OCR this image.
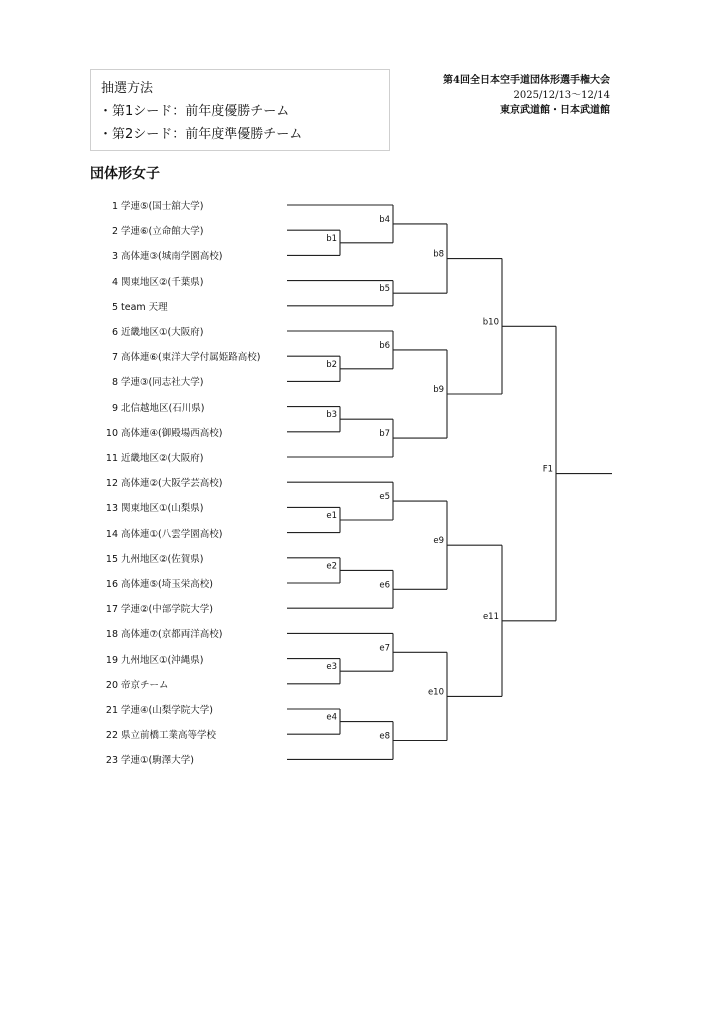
抽選方法
・第1シード：前年度優勝チーム
・第2シード：前年度準優勝チーム
第4回全日本空手道団体形選手権大会
2025/12/13～12/14
東京武道館・日本武道館
団体形女子
1 学連⑤(国士舘大学)
2 学連⑥(立命館大学)
3 高体連③(城南学園高校)
4 関東地区②(千葉県)
5 team 天理
6 近畿地区①(大阪府)
7 高体連⑥(東洋大学付属姫路高校)
8 学連③(同志社大学)
9 北信越地区(石川県)
10 高体連④(御殿場西高校)
11 近畿地区②(大阪府)
12 高体連②(大阪学芸高校)
13 関東地区①(山梨県)
14 高体連①(八雲学園高校)
15 九州地区②(佐賀県)
16 高体連⑤(埼玉栄高校)
17 学連②(中部学院大学)
18 高体連⑦(京都両洋高校)
19 九州地区①(沖縄県)
20 帝京チーム
21 学連④(山梨学院大学)
22 県立前橋工業高等学校
23 学連①(駒澤大学)
b1
b4
b5
b8
b2
b6
b3
b7
b9
b10
e1
e5
e2
e6
e9
e3
e7
e4
e8
e10
e11
F1
